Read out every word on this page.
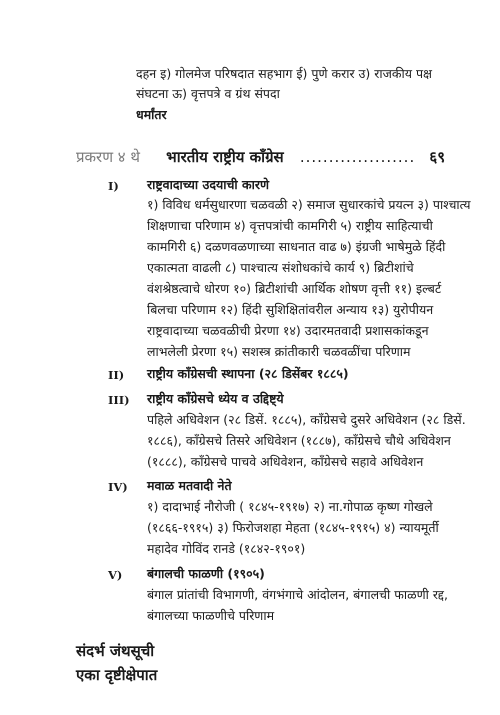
दहन इ) गोलमेज परिषदात सहभाग ई) पुणे करार उ) राजकीय पक्ष
संघटना ऊ) वृत्तपत्रे व ग्रंथ संपदा
धर्मांतर
प्रकरण ४ थे भारतीय राष्ट्रीय काँग्रेस .................... ६९
I) राष्ट्रवादाच्या उदयाची कारणे
१) विविध धर्मसुधारणा चळवळी २) समाज सुधारकांचे प्रयत्न ३) पाश्चात्य
शिक्षणाचा परिणाम ४) वृत्तपत्रांची कामगिरी ५) राष्ट्रीय साहित्याची
कामगिरी ६) दळणवळणाच्या साधनात वाढ ७) इंग्रजी भाषेमुळे हिंदी
एकात्मता वाढली ८) पाश्चात्य संशोधकांचे कार्य ९) ब्रिटीशांचे
वंशश्रेष्ठत्वाचे धोरण १०) ब्रिटीशांची आर्थिक शोषण वृत्ती ११) इल्बर्ट
बिलचा परिणाम १२) हिंदी सुशिक्षितांवरील अन्याय १३) युरोपीयन
राष्ट्रवादाच्या चळवळीची प्रेरणा १४) उदारमतवादी प्रशासकांकडून
लाभलेली प्रेरणा १५) सशस्त्र क्रांतीकारी चळवळींचा परिणाम
II) राष्ट्रीय काँग्रेसची स्थापना (२८ डिसेंबर १८८५)
III) राष्ट्रीय काँग्रेसचे ध्येय व उद्दिष्ट्ये
पहिले अधिवेशन (२८ डिसें. १८८५), काँग्रेसचे दुसरे अधिवेशन (२८ डिसें.
१८८६), काँग्रेसचे तिसरे अधिवेशन (१८८७), काँग्रेसचे चौथे अधिवेशन
(१८८८), काँग्रेसचे पाचवे अधिवेशन, काँग्रेसचे सहावे अधिवेशन
IV) मवाळ मतवादी नेते
१) दादाभाई नौरोजी ( १८४५-१९१७) २) ना.गोपाळ कृष्ण गोखले
(१८६६-१९१५) ३) फिरोजशहा मेहता (१८४५-१९१५) ४) न्यायमूर्ती
महादेव गोविंद रानडे (१८४२-१९०१)
V) बंगालची फाळणी (१९०५)
बंगाल प्रांतांची विभागणी, वंगभंगाचे आंदोलन, बंगालची फाळणी रद्द,
बंगालच्या फाळणीचे परिणाम
संदर्भ जंथसूची
एका दृष्टीक्षेपात
